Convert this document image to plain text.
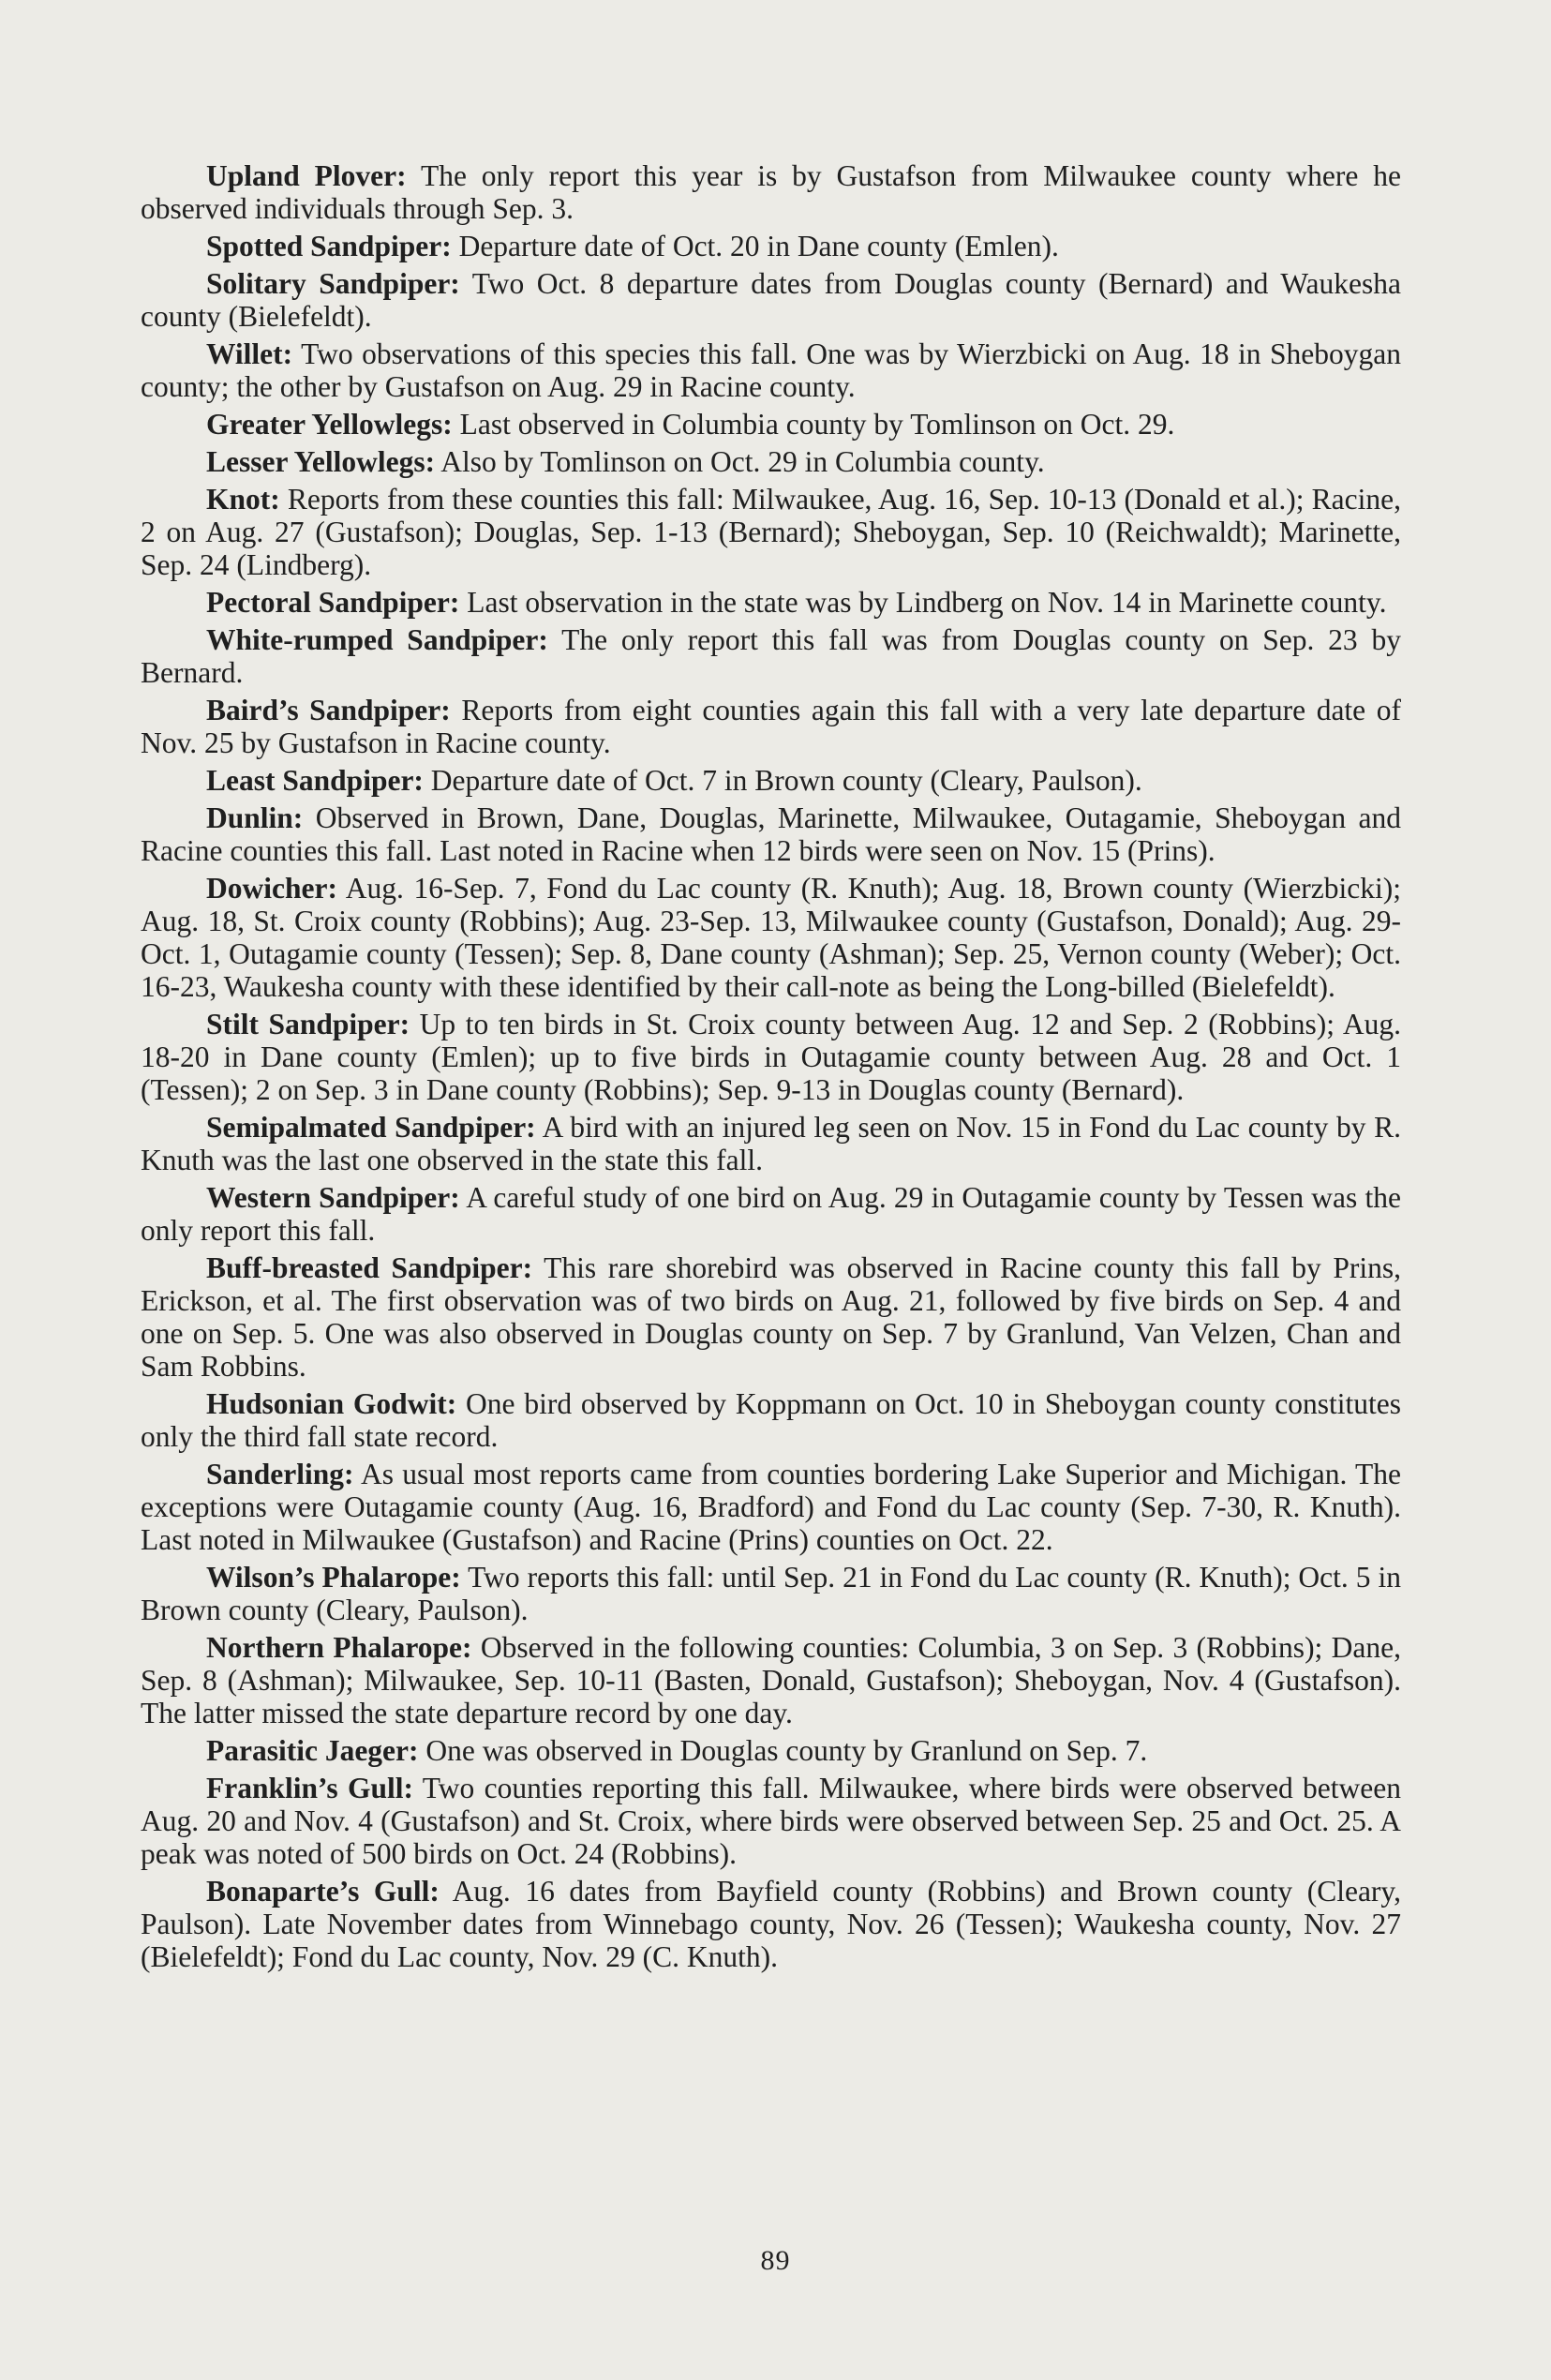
Upland Plover: The only report this year is by Gustafson from Milwaukee county where he observed individuals through Sep. 3.

Spotted Sandpiper: Departure date of Oct. 20 in Dane county (Emlen).

Solitary Sandpiper: Two Oct. 8 departure dates from Douglas county (Bernard) and Waukesha county (Bielefeldt).

Willet: Two observations of this species this fall. One was by Wierzbicki on Aug. 18 in Sheboygan county; the other by Gustafson on Aug. 29 in Racine county.

Greater Yellowlegs: Last observed in Columbia county by Tomlinson on Oct. 29.

Lesser Yellowlegs: Also by Tomlinson on Oct. 29 in Columbia county.

Knot: Reports from these counties this fall: Milwaukee, Aug. 16, Sep. 10-13 (Donald et al.); Racine, 2 on Aug. 27 (Gustafson); Douglas, Sep. 1-13 (Bernard); Sheboygan, Sep. 10 (Reichwaldt); Marinette, Sep. 24 (Lindberg).

Pectoral Sandpiper: Last observation in the state was by Lindberg on Nov. 14 in Marinette county.

White-rumped Sandpiper: The only report this fall was from Douglas county on Sep. 23 by Bernard.

Baird’s Sandpiper: Reports from eight counties again this fall with a very late departure date of Nov. 25 by Gustafson in Racine county.

Least Sandpiper: Departure date of Oct. 7 in Brown county (Cleary, Paulson).

Dunlin: Observed in Brown, Dane, Douglas, Marinette, Milwaukee, Outagamie, Sheboygan and Racine counties this fall. Last noted in Racine when 12 birds were seen on Nov. 15 (Prins).

Dowicher: Aug. 16-Sep. 7, Fond du Lac county (R. Knuth); Aug. 18, Brown county (Wierzbicki); Aug. 18, St. Croix county (Robbins); Aug. 23-Sep. 13, Milwaukee county (Gustafson, Donald); Aug. 29-Oct. 1, Outagamie county (Tessen); Sep. 8, Dane county (Ashman); Sep. 25, Vernon county (Weber); Oct. 16-23, Waukesha county with these identified by their call-note as being the Long-billed (Bielefeldt).

Stilt Sandpiper: Up to ten birds in St. Croix county between Aug. 12 and Sep. 2 (Robbins); Aug. 18-20 in Dane county (Emlen); up to five birds in Outagamie county between Aug. 28 and Oct. 1 (Tessen); 2 on Sep. 3 in Dane county (Robbins); Sep. 9-13 in Douglas county (Bernard).

Semipalmated Sandpiper: A bird with an injured leg seen on Nov. 15 in Fond du Lac county by R. Knuth was the last one observed in the state this fall.

Western Sandpiper: A careful study of one bird on Aug. 29 in Outagamie county by Tessen was the only report this fall.

Buff-breasted Sandpiper: This rare shorebird was observed in Racine county this fall by Prins, Erickson, et al. The first observation was of two birds on Aug. 21, followed by five birds on Sep. 4 and one on Sep. 5. One was also observed in Douglas county on Sep. 7 by Granlund, Van Velzen, Chan and Sam Robbins.

Hudsonian Godwit: One bird observed by Koppmann on Oct. 10 in Sheboygan county constitutes only the third fall state record.

Sanderling: As usual most reports came from counties bordering Lake Superior and Michigan. The exceptions were Outagamie county (Aug. 16, Bradford) and Fond du Lac county (Sep. 7-30, R. Knuth). Last noted in Milwaukee (Gustafson) and Racine (Prins) counties on Oct. 22.

Wilson’s Phalarope: Two reports this fall: until Sep. 21 in Fond du Lac county (R. Knuth); Oct. 5 in Brown county (Cleary, Paulson).

Northern Phalarope: Observed in the following counties: Columbia, 3 on Sep. 3 (Robbins); Dane, Sep. 8 (Ashman); Milwaukee, Sep. 10-11 (Basten, Donald, Gustafson); Sheboygan, Nov. 4 (Gustafson). The latter missed the state departure record by one day.

Parasitic Jaeger: One was observed in Douglas county by Granlund on Sep. 7.

Franklin’s Gull: Two counties reporting this fall. Milwaukee, where birds were observed between Aug. 20 and Nov. 4 (Gustafson) and St. Croix, where birds were observed between Sep. 25 and Oct. 25. A peak was noted of 500 birds on Oct. 24 (Robbins).

Bonaparte’s Gull: Aug. 16 dates from Bayfield county (Robbins) and Brown county (Cleary, Paulson). Late November dates from Winnebago county, Nov. 26 (Tessen); Waukesha county, Nov. 27 (Bielefeldt); Fond du Lac county, Nov. 29 (C. Knuth).

89
